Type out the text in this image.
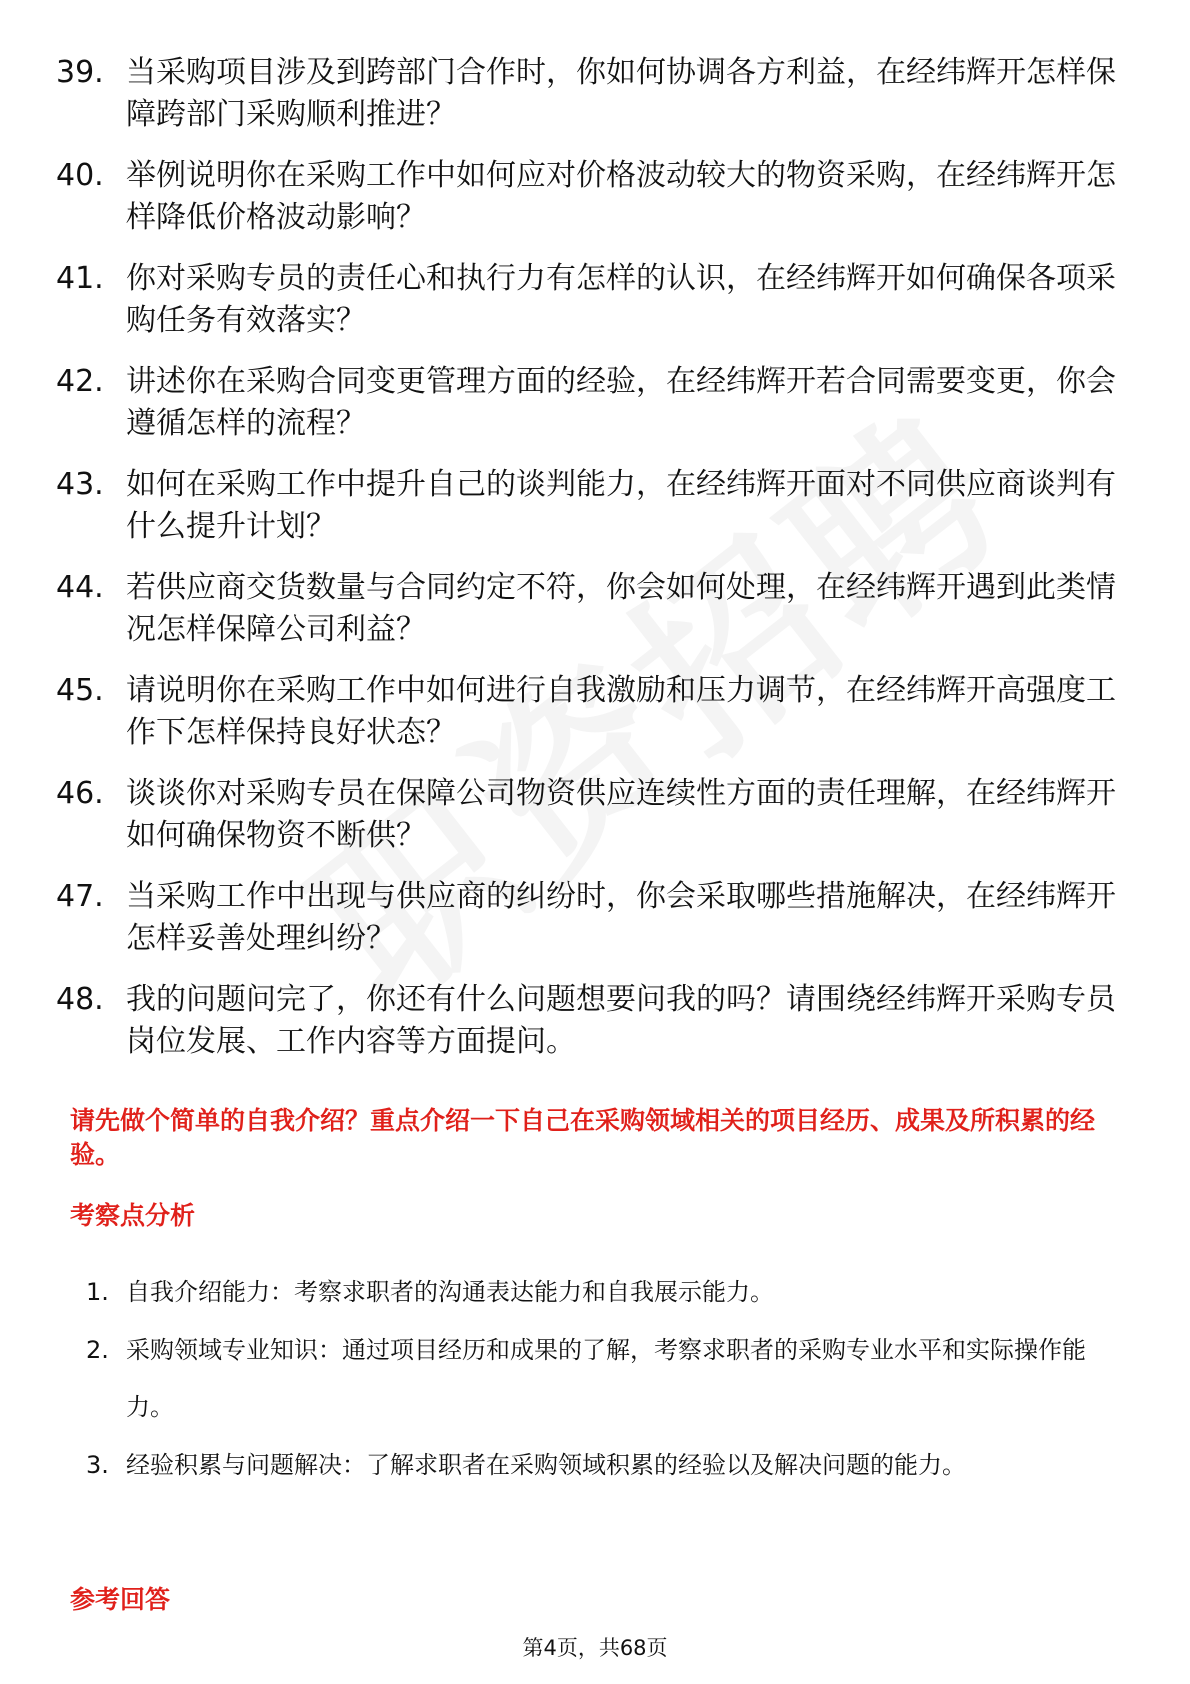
39. 当采购项目涉及到跨部门合作时，你如何协调各方利益，在经纬辉开怎样保障跨部门采购顺利推进？
40. 举例说明你在采购工作中如何应对价格波动较大的物资采购，在经纬辉开怎样降低价格波动影响？
41. 你对采购专员的责任心和执行力有怎样的认识，在经纬辉开如何确保各项采购任务有效落实？
42. 讲述你在采购合同变更管理方面的经验，在经纬辉开若合同需要变更，你会遵循怎样的流程？
43. 如何在采购工作中提升自己的谈判能力，在经纬辉开面对不同供应商谈判有什么提升计划？
44. 若供应商交货数量与合同约定不符，你会如何处理，在经纬辉开遇到此类情况怎样保障公司利益？
45. 请说明你在采购工作中如何进行自我激励和压力调节，在经纬辉开高强度工作下怎样保持良好状态？
46. 谈谈你对采购专员在保障公司物资供应连续性方面的责任理解，在经纬辉开如何确保物资不断供？
47. 当采购工作中出现与供应商的纠纷时，你会采取哪些措施解决，在经纬辉开怎样妥善处理纠纷？
48. 我的问题问完了，你还有什么问题想要问我的吗？请围绕经纬辉开采购专员岗位发展、工作内容等方面提问。

请先做个简单的自我介绍？重点介绍一下自己在采购领域相关的项目经历、成果及所积累的经验。

考察点分析
1. 自我介绍能力：考察求职者的沟通表达能力和自我展示能力。
2. 采购领域专业知识：通过项目经历和成果的了解，考察求职者的采购专业水平和实际操作能力。
3. 经验积累与问题解决：了解求职者在采购领域积累的经验以及解决问题的能力。
参考回答
第4页，共68页
